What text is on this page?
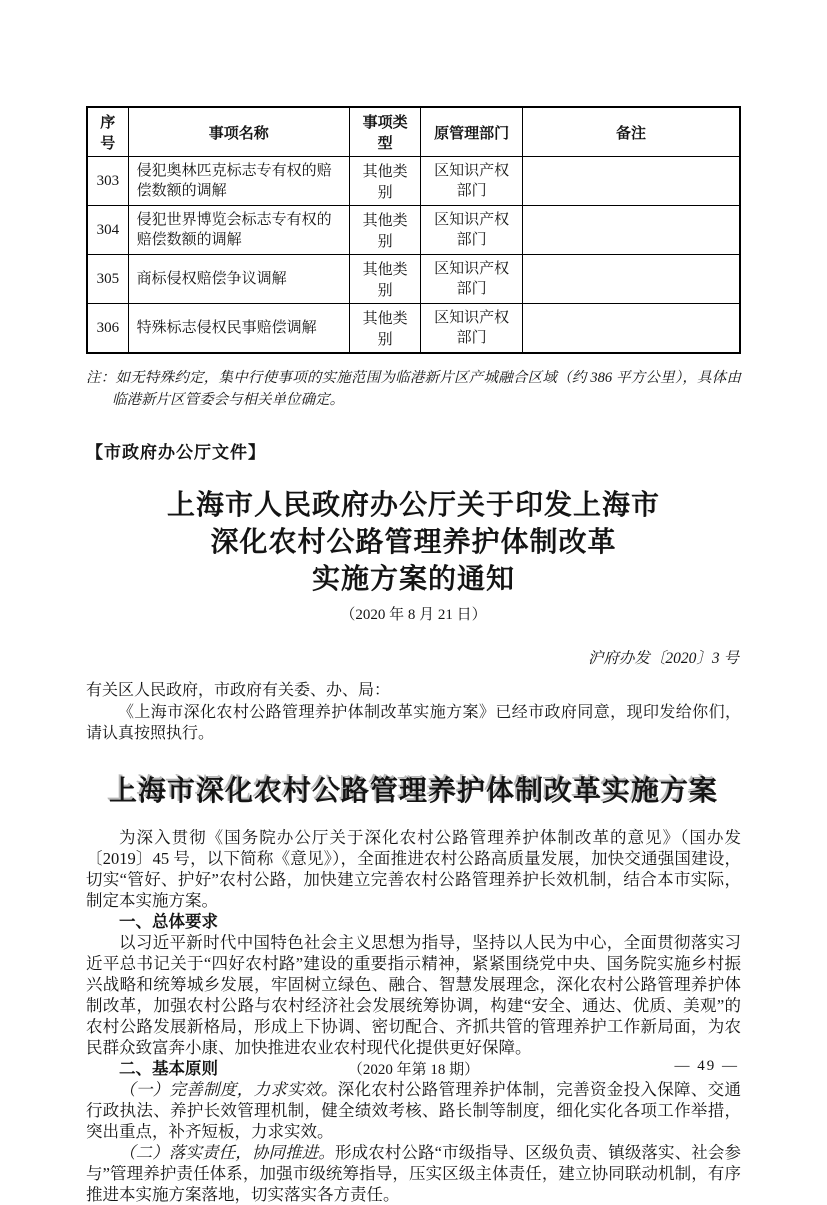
序号	事项名称	事项类型	原管理部门	备注
303	侵犯奥林匹克标志专有权的赔偿数额的调解	其他类别	区知识产权部门	
304	侵犯世界博览会标志专有权的赔偿数额的调解	其他类别	区知识产权部门	
305	商标侵权赔偿争议调解	其他类别	区知识产权部门	
306	特殊标志侵权民事赔偿调解	其他类别	区知识产权部门	

注：如无特殊约定，集中行使事项的实施范围为临港新片区产城融合区域（约 386 平方公里），具体由临港新片区管委会与相关单位确定。

【市政府办公厅文件】
上海市人民政府办公厅关于印发上海市
深化农村公路管理养护体制改革
实施方案的通知
（2020 年 8 月 21 日）
沪府办发〔2020〕3 号
有关区人民政府，市政府有关委、办、局：

《上海市深化农村公路管理养护体制改革实施方案》已经市政府同意，现印发给你们，请认真按照执行。

上海市深化农村公路管理养护体制改革实施方案

为深入贯彻《国务院办公厅关于深化农村公路管理养护体制改革的意见》（国办发〔2019〕45 号，以下简称《意见》），全面推进农村公路高质量发展，加快交通强国建设，切实“管好、护好”农村公路，加快建立完善农村公路管理养护长效机制，结合本市实际，制定本实施方案。

一、总体要求

以习近平新时代中国特色社会主义思想为指导，坚持以人民为中心，全面贯彻落实习近平总书记关于“四好农村路”建设的重要指示精神，紧紧围绕党中央、国务院实施乡村振兴战略和统筹城乡发展，牢固树立绿色、融合、智慧发展理念，深化农村公路管理养护体制改革，加强农村公路与农村经济社会发展统筹协调，构建“安全、通达、优质、美观”的农村公路发展新格局，形成上下协调、密切配合、齐抓共管的管理养护工作新局面，为农民群众致富奔小康、加快推进农业农村现代化提供更好保障。

二、基本原则

（一）完善制度，力求实效。深化农村公路管理养护体制，完善资金投入保障、交通行政执法、养护长效管理机制，健全绩效考核、路长制等制度，细化实化各项工作举措，突出重点，补齐短板，力求实效。

（二）落实责任，协同推进。形成农村公路“市级指导、区级负责、镇级落实、社会参与”管理养护责任体系，加强市级统筹指导，压实区级主体责任，建立协同联动机制，有序推进本实施方案落地，切实落实各方责任。

（2020 年第 18 期）	— 49 —
